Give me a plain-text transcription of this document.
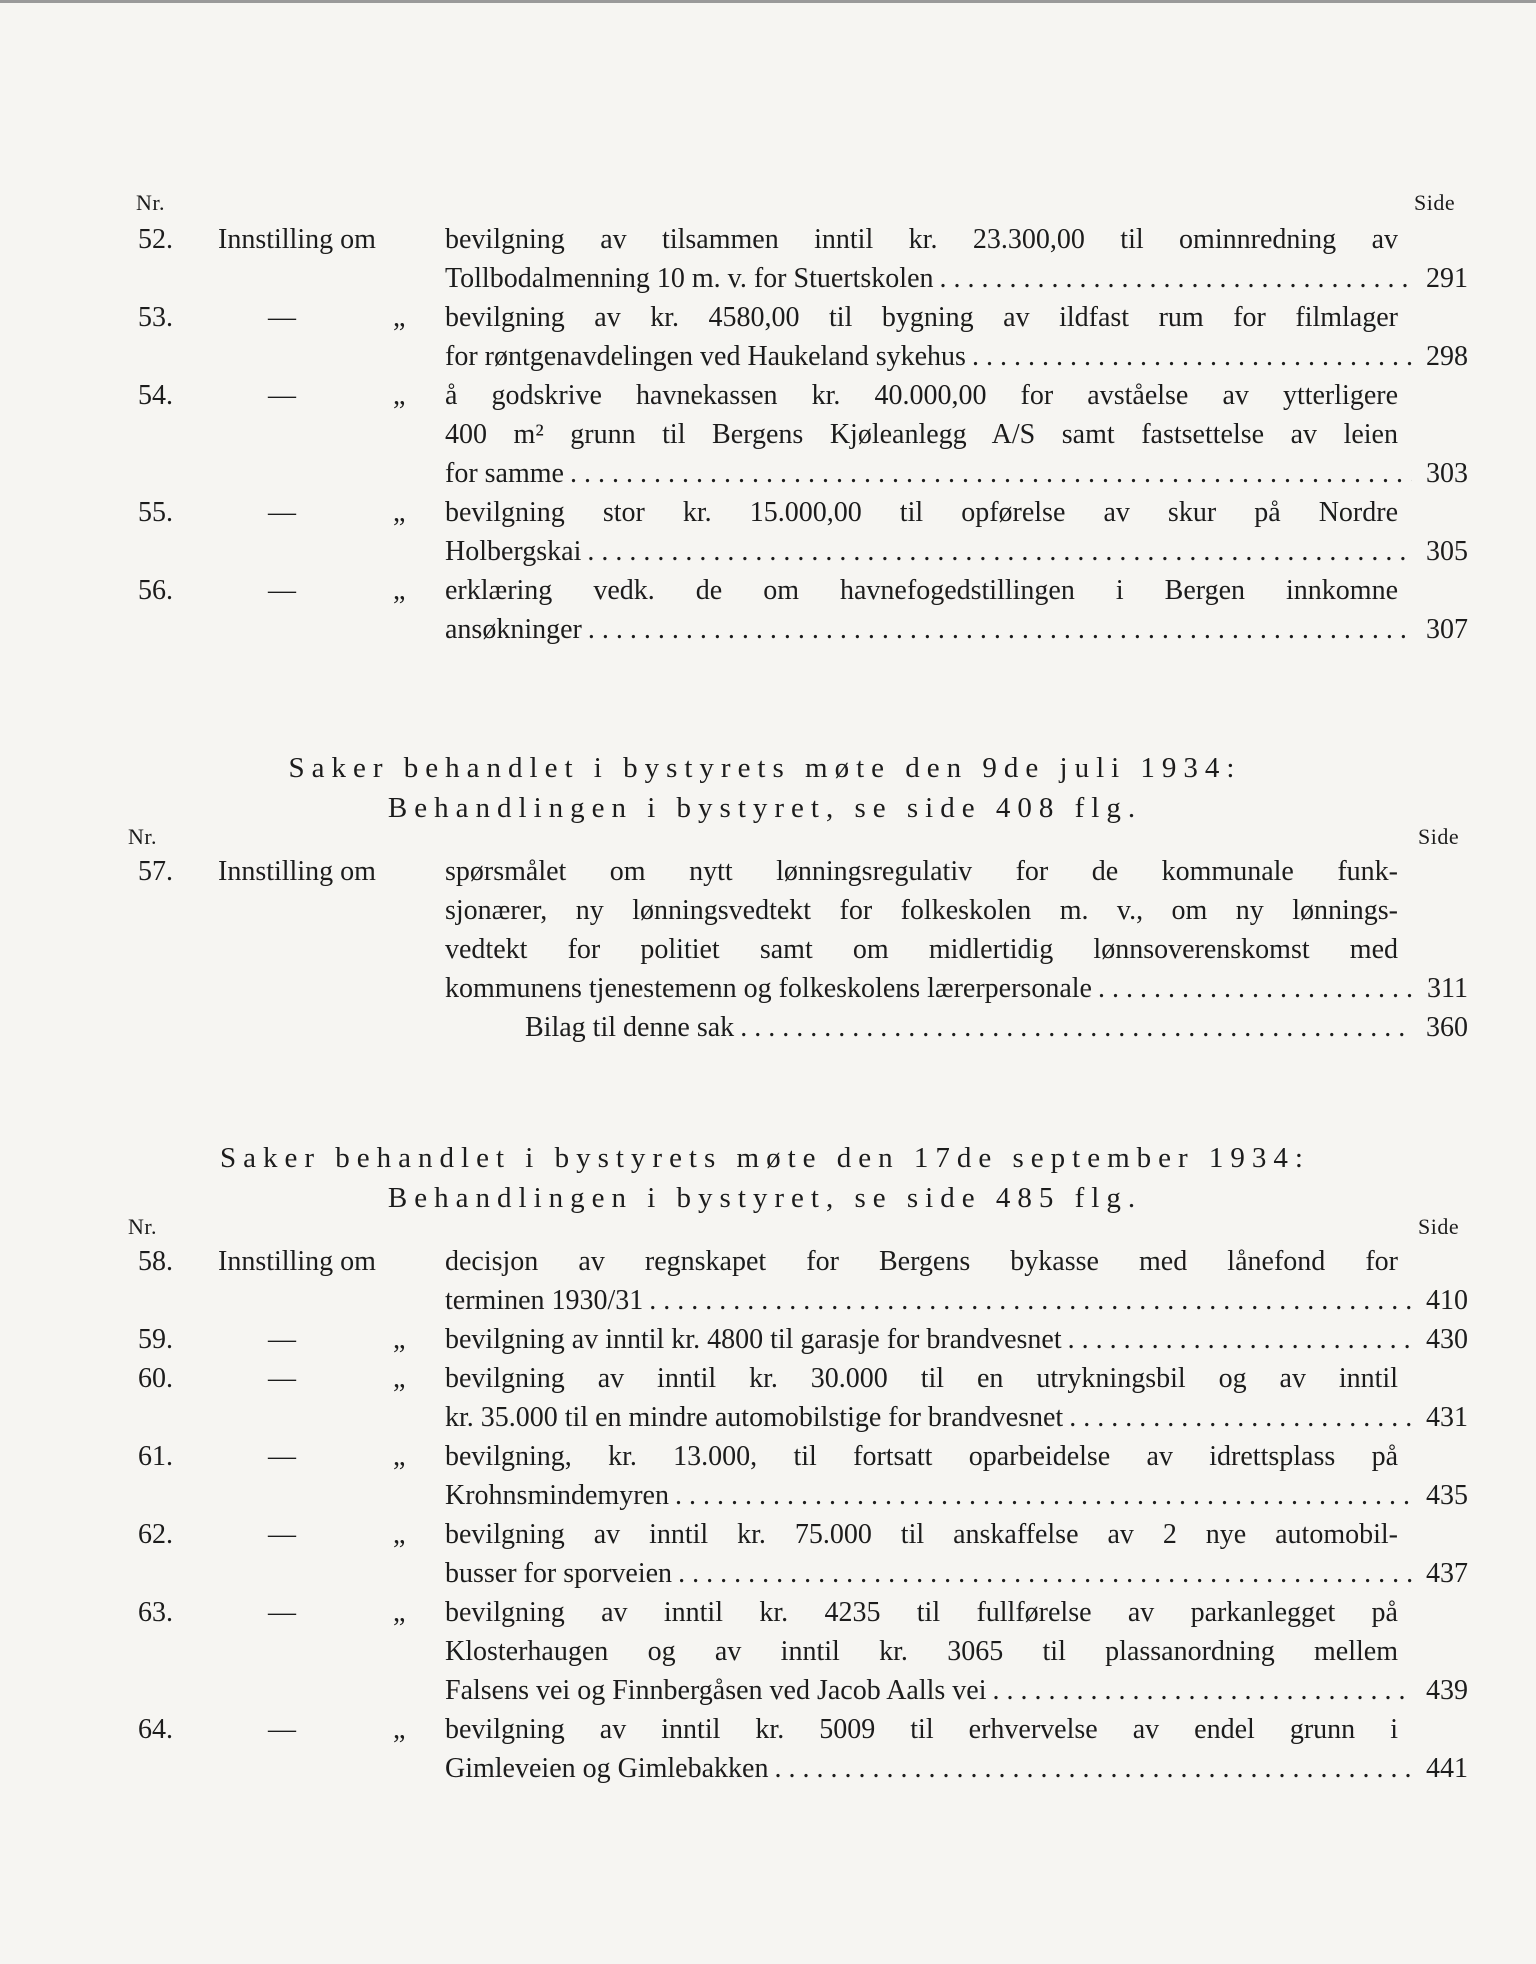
Nr.	Side
52.	Innstilling om	bevilgning av tilsammen inntil kr. 23.300,00 til ominnredning av
Tollbodalmenning 10 m. v. for Stuertskolen . . .	291
53.	—	„ bevilgning av kr. 4580,00 til bygning av ildfast rum for filmlager
for røntgenavdelingen ved Haukeland sykehus . . .	298
54.	—	„ å godskrive havnekassen kr. 40.000,00 for avståelse av ytterligere
400 m² grunn til Bergens Kjøleanlegg A/S samt fastsettelse av leien
for samme . . .	303
55.	—	„ bevilgning stor kr. 15.000,00 til opførelse av skur på Nordre
Holbergskai . . .	305
56.	—	„ erklæring vedk. de om havnefogedstillingen i Bergen innkomne
ansøkninger . . .	307
Saker behandlet i bystyrets møte den 9de juli 1934:
Behandlingen i bystyret, se side 408 flg.
Nr.	Side
57.	Innstilling om	spørsmålet om nytt lønningsregulativ for de kommunale funk-
sjonærer, ny lønningsvedtekt for folkeskolen m. v., om ny lønnings-
vedtekt for politiet samt om midlertidig lønnsoverenskomst med
kommunens tjenestemenn og folkeskolens lærerpersonale . . .	311
Bilag til denne sak . . .	360
Saker behandlet i bystyrets møte den 17de september 1934:
Behandlingen i bystyret, se side 485 flg.
Nr.	Side
58.	Innstilling om	decisjon av regnskapet for Bergens bykasse med lånefond for
terminen 1930/31 . . .	410
59.	—	„ bevilgning av inntil kr. 4800 til garasje for brandvesnet . . .	430
60.	—	„ bevilgning av inntil kr. 30.000 til en utrykningsbil og av inntil
kr. 35.000 til en mindre automobilstige for brandvesnet . . .	431
61.	—	„ bevilgning, kr. 13.000, til fortsatt oparbeidelse av idrettsplass på
Krohnsmindemyren . . .	435
62.	—	„ bevilgning av inntil kr. 75.000 til anskaffelse av 2 nye automobil-
busser for sporveien . . .	437
63.	—	„ bevilgning av inntil kr. 4235 til fullførelse av parkanlegget på
Klosterhaugen og av inntil kr. 3065 til plassanordning mellem
Falsens vei og Finnbergåsen ved Jacob Aalls vei . . .	439
64.	—	„ bevilgning av inntil kr. 5009 til erhvervelse av endel grunn i
Gimleveien og Gimlebakken . . .	441
